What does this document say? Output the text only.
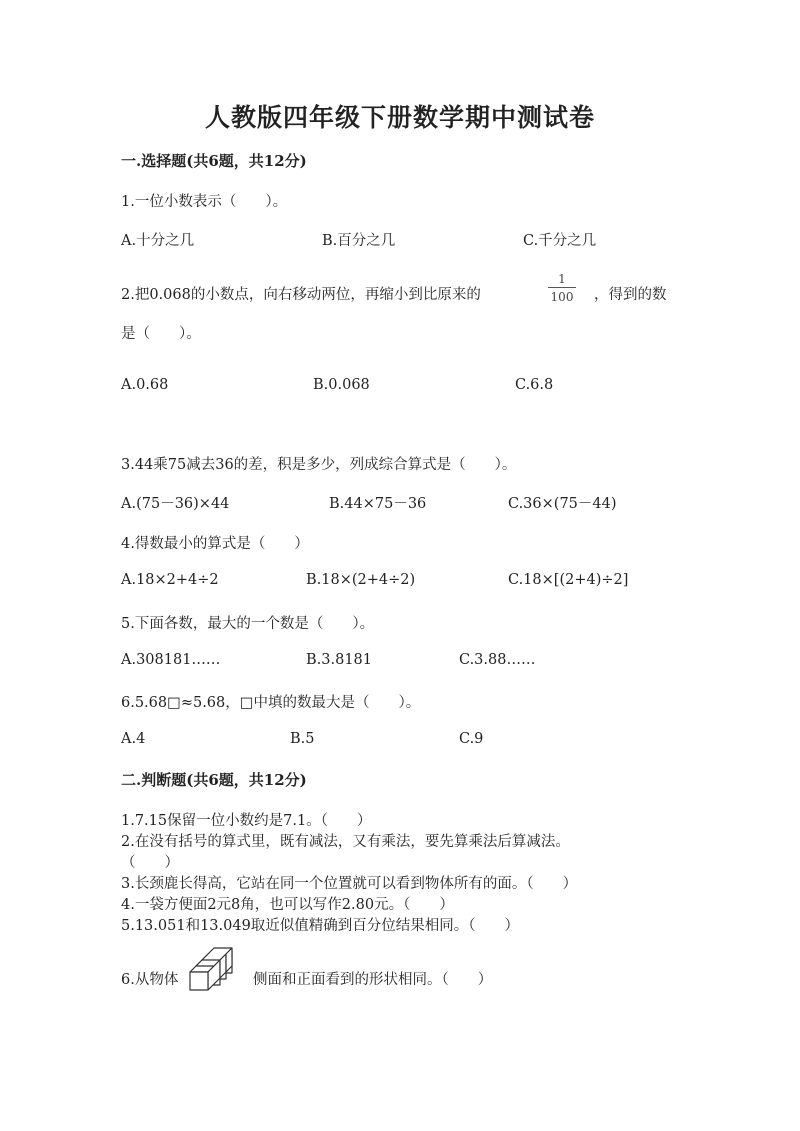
人教版四年级下册数学期中测试卷
一.选择题(共6题，共12分)
1.一位小数表示（　　）。
A.十分之几	B.百分之几	C.千分之几
2.把0.068的小数点，向右移动两位，再缩小到比原来的
1
100 ，得到的数
是（　　）。
A.0.68	B.0.068	C.6.8
3.44乘75减去36的差，积是多少，列成综合算式是（　　）。
A.(75－36)×44	B.44×75－36	C.36×(75－44)
4.得数最小的算式是（　　）
A.18×2+4÷2	B.18×(2+4÷2)	C.18×[(2+4)÷2]
5.下面各数，最大的一个数是（　　）。
A.308181……	B.3.8181	C.3.88……
6.5.68□≈5.68，□中填的数最大是（　　）。
A.4	B.5	C.9
二.判断题(共6题，共12分)
1.7.15保留一位小数约是7.1。（　　）
2.在没有括号的算式里，既有减法，又有乘法，要先算乘法后算减法。
（　　）
3.长颈鹿长得高，它站在同一个位置就可以看到物体所有的面。（　　）
4.一袋方便面2元8角，也可以写作2.80元。（　　）
5.13.051和13.049取近似值精确到百分位结果相同。（　　）
6.从物体	侧面和正面看到的形状相同。（　　）
